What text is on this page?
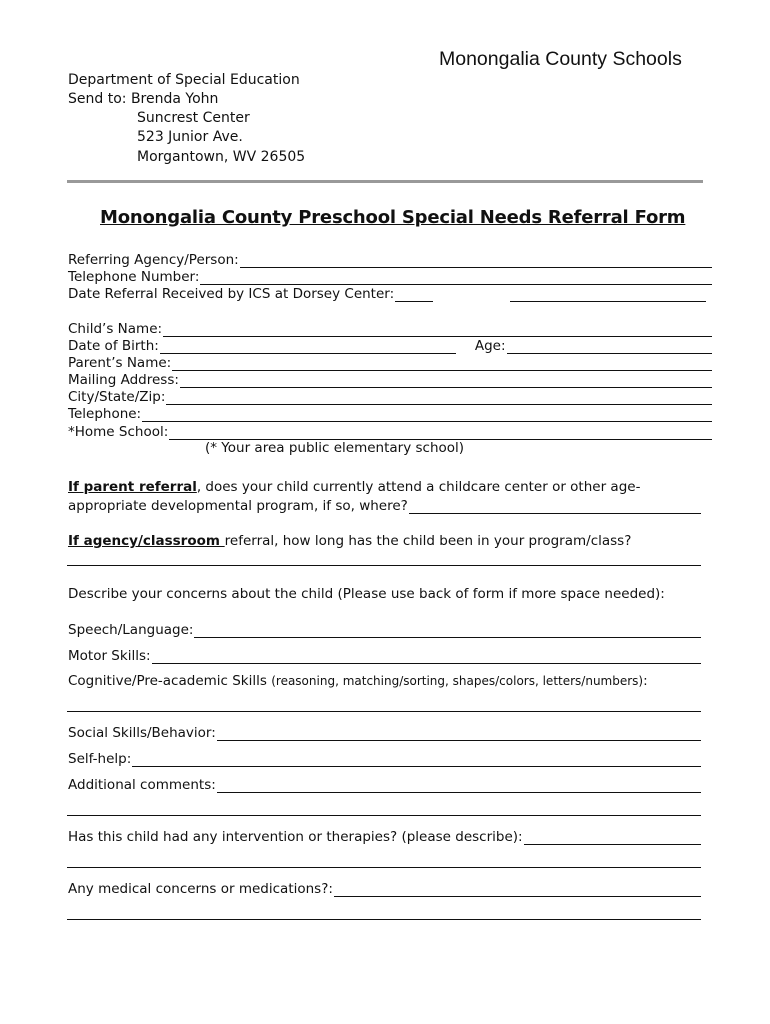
Monongalia County Schools
Department of Special Education
Send to: Brenda Yohn
Suncrest Center
523 Junior Ave.
Morgantown, WV 26505
Monongalia County Preschool Special Needs Referral Form
Referring Agency/Person:
Telephone Number:
Date Referral Received by ICS at Dorsey Center:
Child’s Name:
Date of Birth:	Age:
Parent’s Name:
Mailing Address:
City/State/Zip:
Telephone:
*Home School:
(* Your area public elementary school)
If parent referral, does your child currently attend a childcare center or other age-
appropriate developmental program, if so, where?
If agency/classroom referral, how long has the child been in your program/class?
Describe your concerns about the child (Please use back of form if more space needed):
Speech/Language:
Motor Skills:
Cognitive/Pre-academic Skills (reasoning, matching/sorting, shapes/colors, letters/numbers):
Social Skills/Behavior:
Self-help:
Additional comments:
Has this child had any intervention or therapies? (please describe):
Any medical concerns or medications?:
